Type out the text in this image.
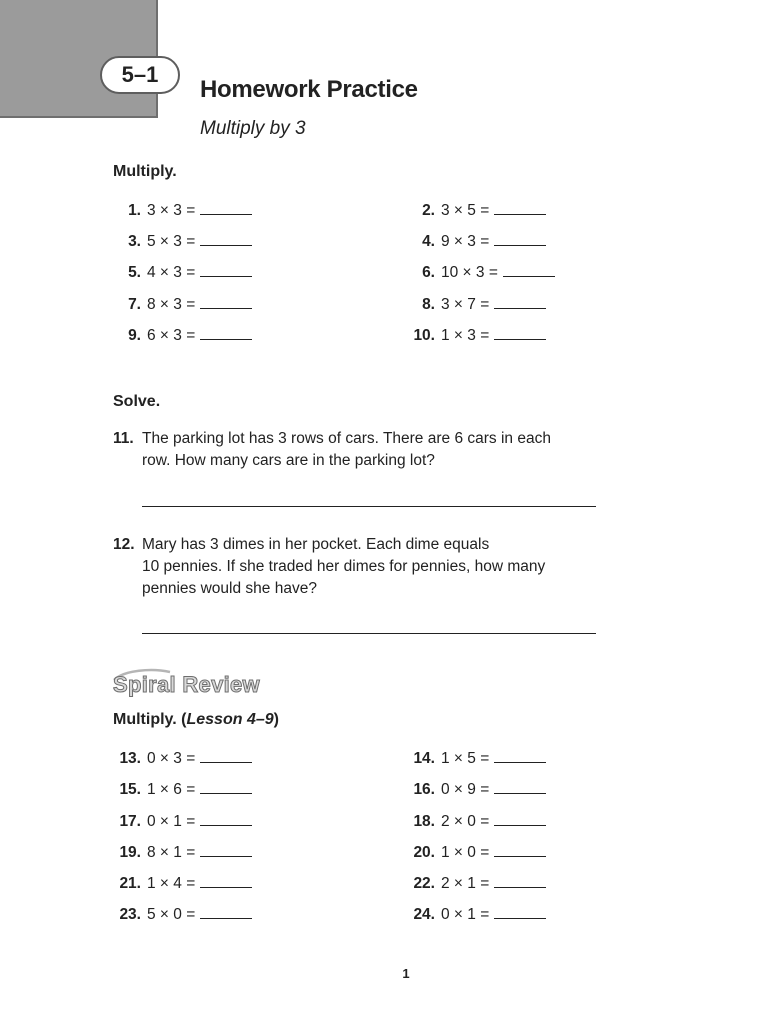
5–1
Homework Practice
Multiply by 3

Multiply.

1. 3 × 3 =	2. 3 × 5 =
3. 5 × 3 =	4. 9 × 3 =
5. 4 × 3 =	6. 10 × 3 =
7. 8 × 3 =	8. 3 × 7 =
9. 6 × 3 =	10. 1 × 3 =

Solve.

11. The parking lot has 3 rows of cars. There are 6 cars in each
row. How many cars are in the parking lot?
12. Mary has 3 dimes in her pocket. Each dime equals
10 pennies. If she traded her dimes for pennies, how many
pennies would she have?
Spiral Review

Multiply. (Lesson 4–9)

13. 0 × 3 =	14. 1 × 5 =
15. 1 × 6 =	16. 0 × 9 =
17. 0 × 1 =	18. 2 × 0 =
19. 8 × 1 =	20. 1 × 0 =
21. 1 × 4 =	22. 2 × 1 =
23. 5 × 0 =	24. 0 × 1 =
1
